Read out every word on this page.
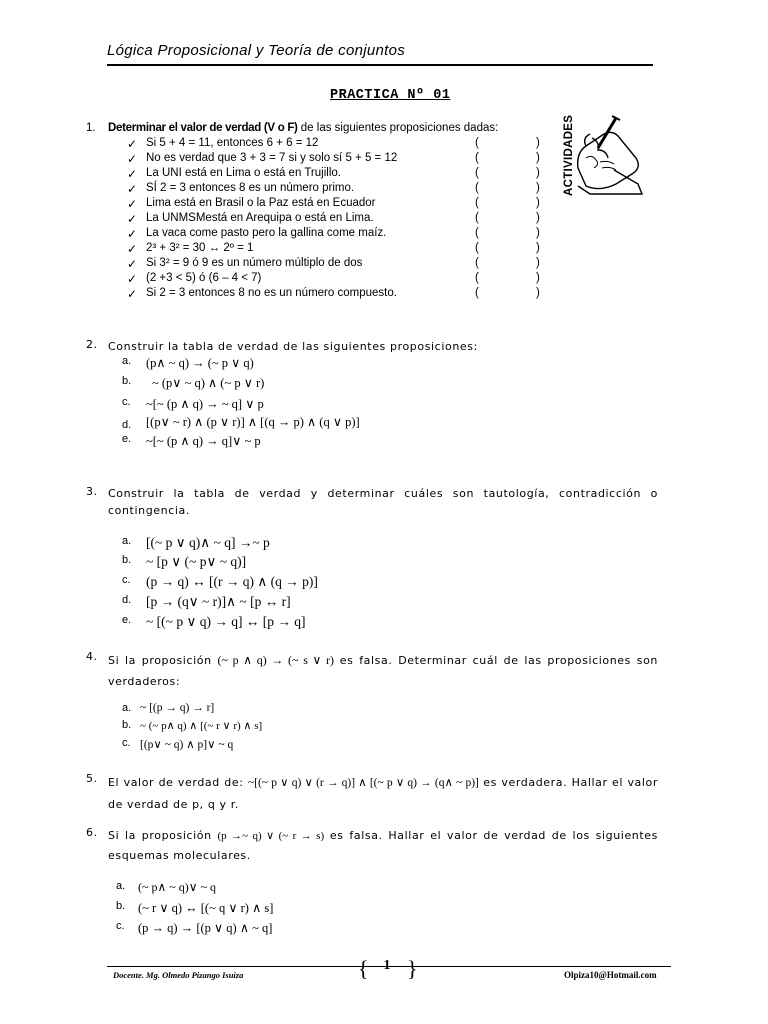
Lógica Proposicional y Teoría de conjuntos
PRACTICA Nº 01
ACTIVIDADES
1. Determinar el valor de verdad (V o F) de las siguientes proposiciones dadas:
✓ Si 5 + 4 = 11, entonces 6 + 6 = 12	(	)
✓ No es verdad que 3 + 3 = 7 si y solo sí 5 + 5 = 12	(	)
✓ La UNI está en Lima o está en Trujillo.	(	)
✓ SÍ 2 = 3 entonces 8 es un número primo.	(	)
✓ Lima está en Brasil o la Paz está en Ecuador	(	)
✓ La UNMSMestá en Arequipa o está en Lima.	(	)
✓ La vaca come pasto pero la gallina come maíz.	(	)
✓ 2³ + 3² = 30 ↔ 2º = 1	(	)
✓ Si 3² = 9 ó 9 es un número múltiplo de dos	(	)
✓ (2 +3 < 5) ó (6 – 4 < 7)	(	)
✓ Si 2 = 3 entonces 8 no es un número compuesto.	(	)
2. Construir la tabla de verdad de las siguientes proposiciones:
a. (p∧ ~ q) → (~ p ∨ q)
b. ~ (p∨ ~ q) ∧ (~ p ∨ r)
c. ~[~ (p ∧ q) → ~ q] ∨ p
d. [(p∨ ~ r) ∧ (p ∨ r)] ∧ [(q → p) ∧ (q ∨ p)]
e. ~[~ (p ∧ q) → q]∨ ~ p
3. Construir la tabla de verdad y determinar cuáles son tautología, contradicción o contingencia.
a. [(~ p ∨ q)∧ ~ q] →~ p
b. ~ [p ∨ (~ p∨ ~ q)]
c. (p → q) ↔ [(r → q) ∧ (q → p)]
d. [p → (q∨ ~ r)]∧ ~ [p ↔ r]
e. ~ [(~ p ∨ q) → q] ↔ [p → q]
4. Si la proposición (~ p ∧ q) → (~ s ∨ r) es falsa. Determinar cuál de las proposiciones son verdaderos:
a. ~ [(p → q) → r]
b. ~ (~ p∧ q) ∧ [(~ r ∨ r) ∧ s]
c. [(p∨ ~ q) ∧ p]∨ ~ q
5. El valor de verdad de: ~[(~ p ∨ q) ∨ (r → q)] ∧ [(~ p ∨ q) → (q∧ ~ p)] es verdadera. Hallar el valor de verdad de p, q y r.
6. Si la proposición (p →~ q) ∨ (~ r → s) es falsa. Hallar el valor de verdad de los siguientes esquemas moleculares.
a. (~ p∧ ~ q)∨ ~ q
b. (~ r ∨ q) ↔ [(~ q ∨ r) ∧ s]
c. (p → q) → [(p ∨ q) ∧ ~ q]
Docente. Mg. Olmedo Pizango Isuiza	{	1 }	Olpiza10@Hotmail.com
